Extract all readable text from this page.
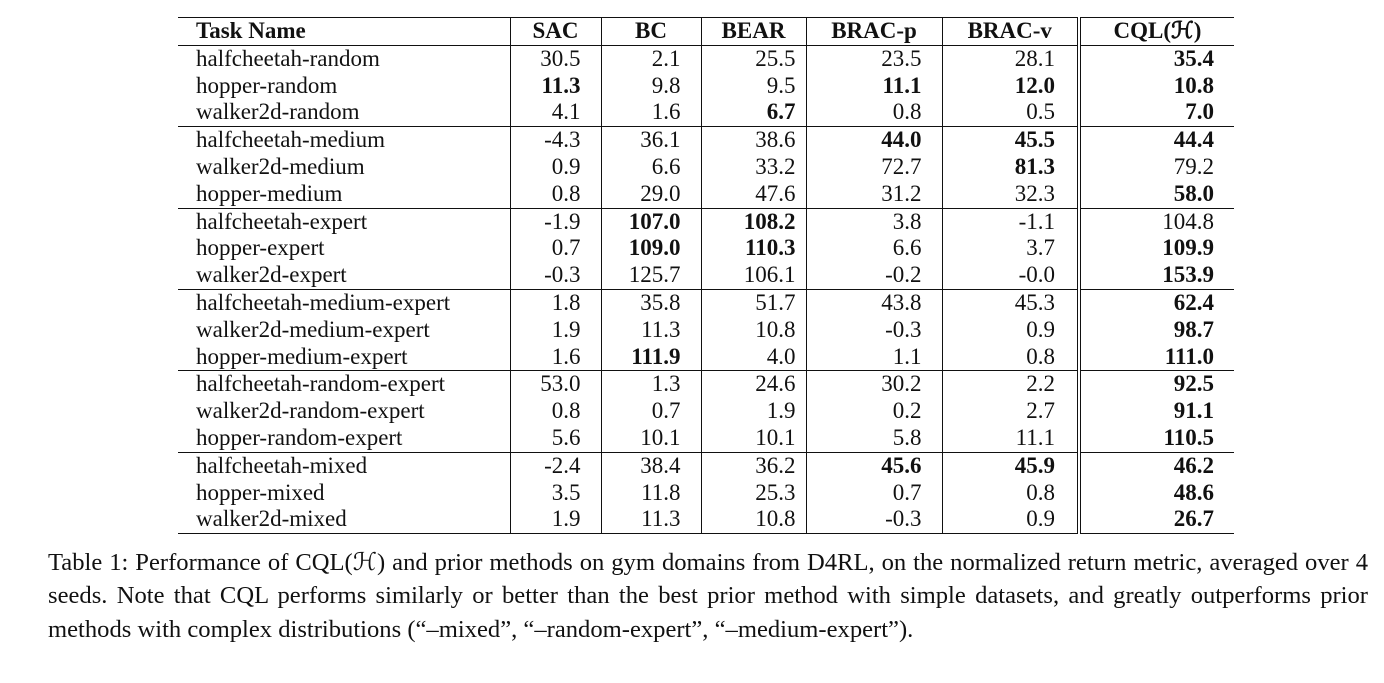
Task Name	SAC	BC	BEAR	BRAC-p	BRAC-v	CQL(ℋ)
halfcheetah-random	30.5	2.1	25.5	23.5	28.1	35.4
hopper-random	11.3	9.8	9.5	11.1	12.0	10.8
walker2d-random	4.1	1.6	6.7	0.8	0.5	7.0
halfcheetah-medium	-4.3	36.1	38.6	44.0	45.5	44.4
walker2d-medium	0.9	6.6	33.2	72.7	81.3	79.2
hopper-medium	0.8	29.0	47.6	31.2	32.3	58.0
halfcheetah-expert	-1.9	107.0	108.2	3.8	-1.1	104.8
hopper-expert	0.7	109.0	110.3	6.6	3.7	109.9
walker2d-expert	-0.3	125.7	106.1	-0.2	-0.0	153.9
halfcheetah-medium-expert	1.8	35.8	51.7	43.8	45.3	62.4
walker2d-medium-expert	1.9	11.3	10.8	-0.3	0.9	98.7
hopper-medium-expert	1.6	111.9	4.0	1.1	0.8	111.0
halfcheetah-random-expert	53.0	1.3	24.6	30.2	2.2	92.5
walker2d-random-expert	0.8	0.7	1.9	0.2	2.7	91.1
hopper-random-expert	5.6	10.1	10.1	5.8	11.1	110.5
halfcheetah-mixed	-2.4	38.4	36.2	45.6	45.9	46.2
hopper-mixed	3.5	11.8	25.3	0.7	0.8	48.6
walker2d-mixed	1.9	11.3	10.8	-0.3	0.9	26.7
Table 1: Performance of CQL(ℋ) and prior methods on gym domains from D4RL, on the normalized return metric, averaged over 4 seeds. Note that CQL performs similarly or better than the best prior method with simple datasets, and greatly outperforms prior methods with complex distributions (“–mixed”, “–random-expert”, “–medium-expert”).
